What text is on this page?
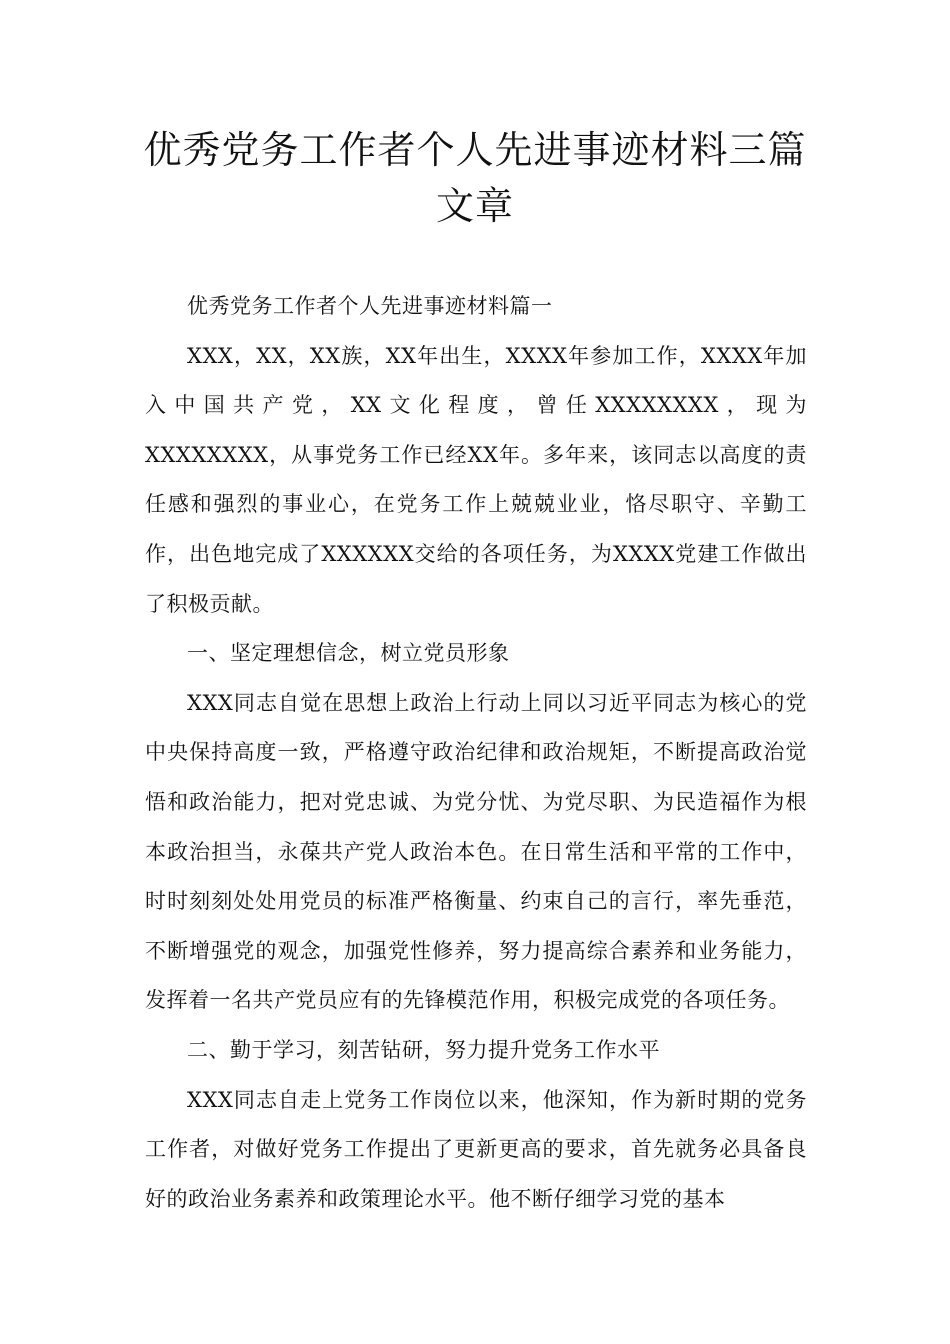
优秀党务工作者个人先进事迹材料三篇文章

优秀党务工作者个人先进事迹材料篇一

XXX，XX，XX族，XX年出生，XXXX年参加工作，XXXX年加入中国共产党，XX文化程度，曾任XXXXXXXX，现为XXXXXXXX，从事党务工作已经XX年。多年来，该同志以高度的责任感和强烈的事业心，在党务工作上兢兢业业，恪尽职守、辛勤工作，出色地完成了XXXXXX交给的各项任务，为XXXX党建工作做出了积极贡献。

一、坚定理想信念，树立党员形象

XXX同志自觉在思想上政治上行动上同以习近平同志为核心的党中央保持高度一致，严格遵守政治纪律和政治规矩，不断提高政治觉悟和政治能力，把对党忠诚、为党分忧、为党尽职、为民造福作为根本政治担当，永葆共产党人政治本色。在日常生活和平常的工作中，时时刻刻处处用党员的标准严格衡量、约束自己的言行，率先垂范，不断增强党的观念，加强党性修养，努力提高综合素养和业务能力，发挥着一名共产党员应有的先锋模范作用，积极完成党的各项任务。

二、勤于学习，刻苦钻研，努力提升党务工作水平

XXX同志自走上党务工作岗位以来，他深知，作为新时期的党务工作者，对做好党务工作提出了更新更高的要求，首先就务必具备良好的政治业务素养和政策理论水平。他不断仔细学习党的基本
